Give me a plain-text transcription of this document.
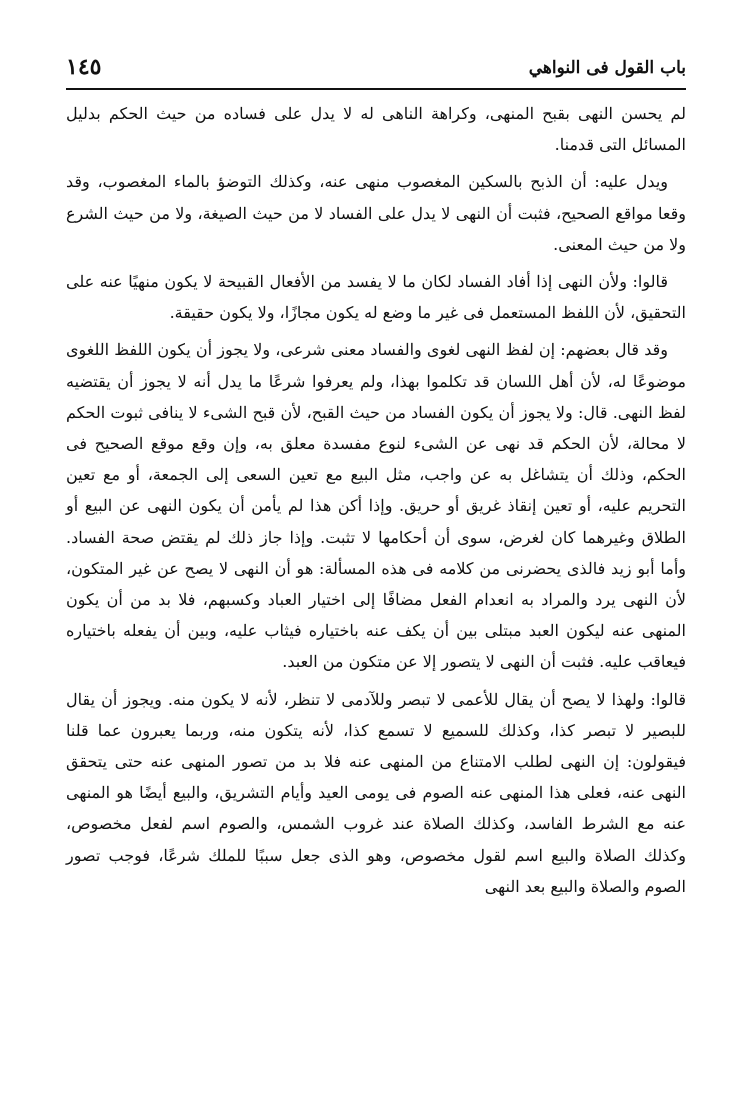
باب القول فى النواهي
١٤٥

لم يحسن النهى بقبح المنهى، وكراهة الناهى له لا يدل على فساده من حيث الحكم بدليل المسائل التى قدمنا.

ويدل عليه: أن الذبح بالسكين المغصوب منهى عنه، وكذلك التوضؤ بالماء المغصوب، وقد وقعا مواقع الصحيح، فثبت أن النهى لا يدل على الفساد لا من حيث الصيغة، ولا من حيث الشرع ولا من حيث المعنى.

قالوا: ولأن النهى إذا أفاد الفساد لكان ما لا يفسد من الأفعال القبيحة لا يكون منهيًا عنه على التحقيق، لأن اللفظ المستعمل فى غير ما وضع له يكون مجازًا، ولا يكون حقيقة.

وقد قال بعضهم: إن لفظ النهى لغوى والفساد معنى شرعى، ولا يجوز أن يكون اللفظ اللغوى موضوعًا له، لأن أهل اللسان قد تكلموا بهذا، ولم يعرفوا شرعًا ما يدل أنه لا يجوز أن يقتضيه لفظ النهى. قال: ولا يجوز أن يكون الفساد من حيث القبح، لأن قبح الشىء لا ينافى ثبوت الحكم لا محالة، لأن الحكم قد نهى عن الشىء لنوع مفسدة معلق به، وإن وقع موقع الصحيح فى الحكم، وذلك أن يتشاغل به عن واجب، مثل البيع مع تعين السعى إلى الجمعة، أو مع تعين التحريم عليه، أو تعين إنقاذ غريق أو حريق. وإذا أكن هذا لم يأمن أن يكون النهى عن البيع أو الطلاق وغيرهما كان لغرض، سوى أن أحكامها لا تثبت. وإذا جاز ذلك لم يقتض صحة الفساد. وأما أبو زيد فالذى يحضرنى من كلامه فى هذه المسألة: هو أن النهى لا يصح عن غير المتكون، لأن النهى يرد والمراد به انعدام الفعل مضافًا إلى اختيار العباد وكسبهم، فلا بد من أن يكون المنهى عنه ليكون العبد مبتلى بين أن يكف عنه باختياره فيثاب عليه، وبين أن يفعله باختياره فيعاقب عليه. فثبت أن النهى لا يتصور إلا عن متكون من العبد.

قالوا: ولهذا لا يصح أن يقال للأعمى لا تبصر وللآدمى لا تنظر، لأنه لا يكون منه. ويجوز أن يقال للبصير لا تبصر كذا، وكذلك للسميع لا تسمع كذا، لأنه يتكون منه، وربما يعبرون عما قلنا فيقولون: إن النهى لطلب الامتناع من المنهى عنه فلا بد من تصور المنهى عنه حتى يتحقق النهى عنه، فعلى هذا المنهى عنه الصوم فى يومى العيد وأيام التشريق، والبيع أيضًا هو المنهى عنه مع الشرط الفاسد، وكذلك الصلاة عند غروب الشمس، والصوم اسم لفعل مخصوص، وكذلك الصلاة والبيع اسم لقول مخصوص، وهو الذى جعل سببًا للملك شرعًا، فوجب تصور الصوم والصلاة والبيع بعد النهى
